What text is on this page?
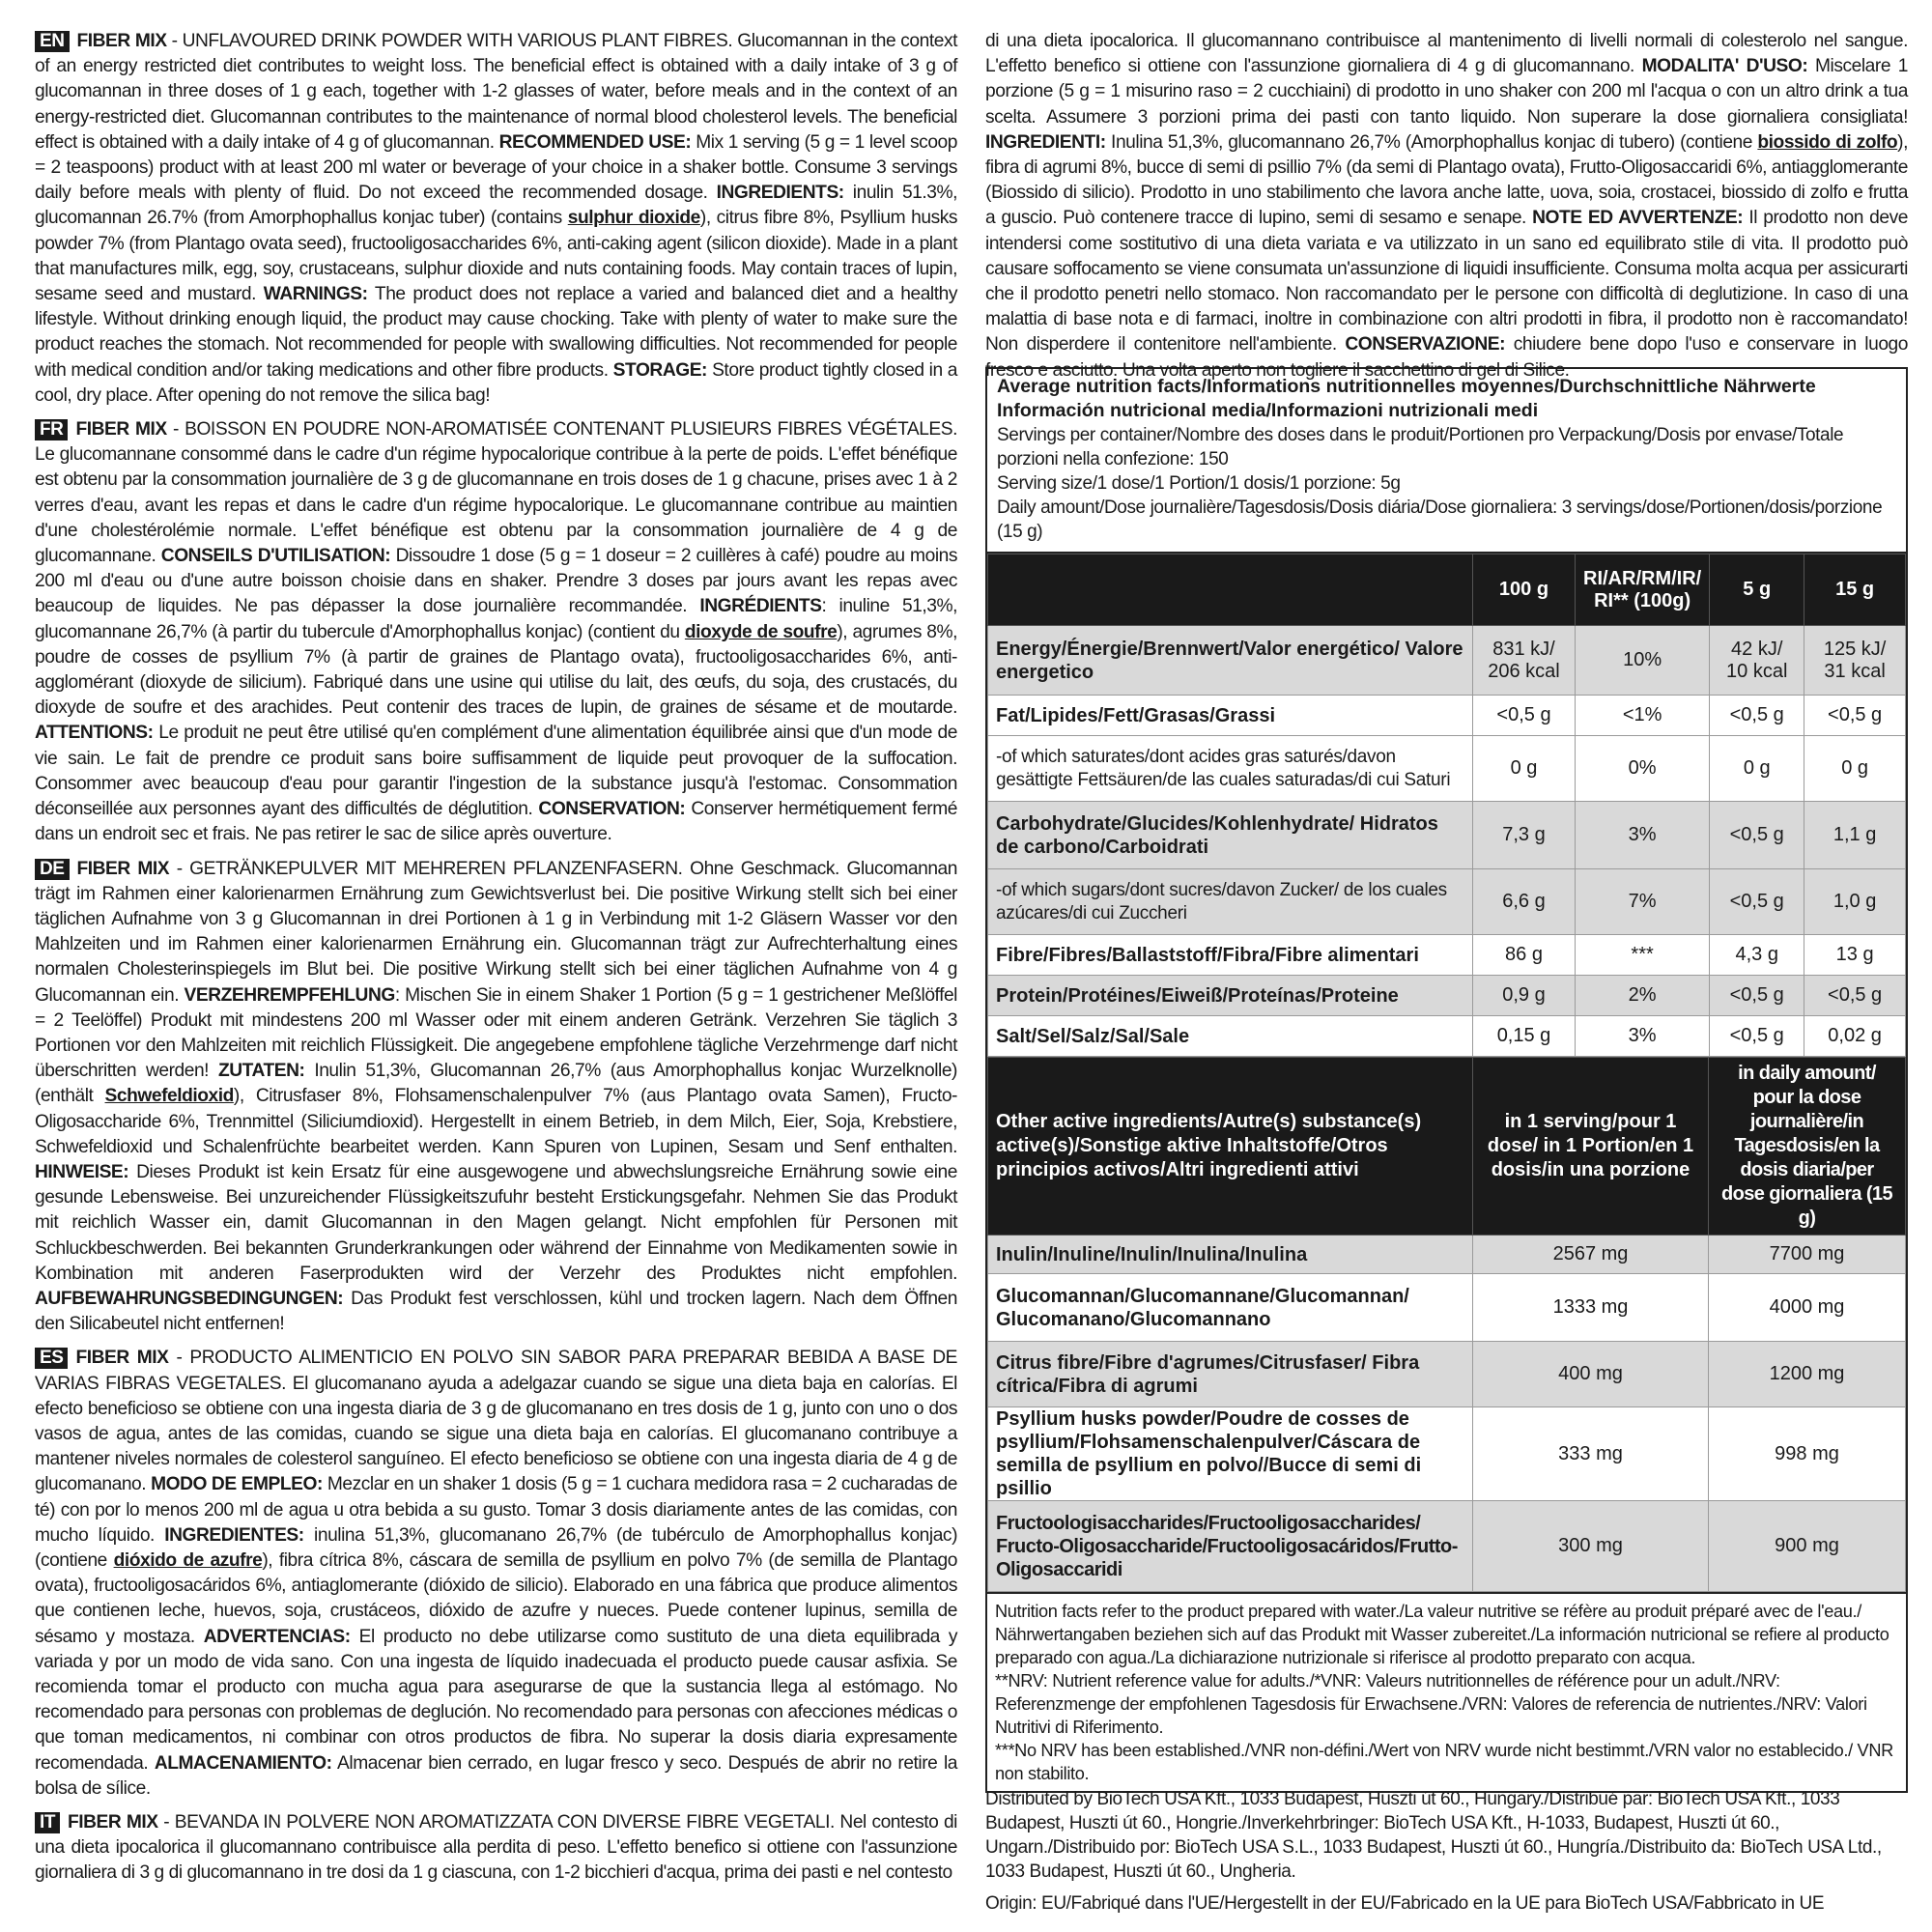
EN FIBER MIX - UNFLAVOURED DRINK POWDER WITH VARIOUS PLANT FIBRES. Glucomannan in the context of an energy restricted diet contributes to weight loss. The beneficial effect is obtained with a daily intake of 3 g of glucomannan in three doses of 1 g each, together with 1-2 glasses of water, before meals and in the context of an energy-restricted diet. Glucomannan contributes to the maintenance of normal blood cholesterol levels. The beneficial effect is obtained with a daily intake of 4 g of glucomannan. RECOMMENDED USE: Mix 1 serving (5 g = 1 level scoop = 2 teaspoons) product with at least 200 ml water or beverage of your choice in a shaker bottle. Consume 3 servings daily before meals with plenty of fluid. Do not exceed the recommended dosage. INGREDIENTS: inulin 51.3%, glucomannan 26.7% (from Amorphophallus konjac tuber) (contains sulphur dioxide), citrus fibre 8%, Psyllium husks powder 7% (from Plantago ovata seed), fructooligosaccharides 6%, anti-caking agent (silicon dioxide). Made in a plant that manufactures milk, egg, soy, crustaceans, sulphur dioxide and nuts containing foods. May contain traces of lupin, sesame seed and mustard. WARNINGS: The product does not replace a varied and balanced diet and a healthy lifestyle. Without drinking enough liquid, the product may cause chocking. Take with plenty of water to make sure the product reaches the stomach. Not recommended for people with swallowing difficulties. Not recommended for people with medical condition and/or taking medications and other fibre products. STORAGE: Store product tightly closed in a cool, dry place. After opening do not remove the silica bag!

FR FIBER MIX - BOISSON EN POUDRE NON-AROMATISÉE CONTENANT PLUSIEURS FIBRES VÉGÉTALES. Le glucomannane consommé dans le cadre d'un régime hypocalorique contribue à la perte de poids. L'effet bénéfique est obtenu par la consommation journalière de 3 g de glucomannane en trois doses de 1 g chacune, prises avec 1 à 2 verres d'eau, avant les repas et dans le cadre d'un régime hypocalorique. Le glucomannane contribue au maintien d'une cholestérolémie normale. L'effet bénéfique est obtenu par la consommation journalière de 4 g de glucomannane. CONSEILS D'UTILISATION: Dissoudre 1 dose (5 g = 1 doseur = 2 cuillères à café) poudre au moins 200 ml d'eau ou d'une autre boisson choisie dans en shaker. Prendre 3 doses par jours avant les repas avec beaucoup de liquides. Ne pas dépasser la dose journalière recommandée. INGRÉDIENTS: inuline 51,3%, glucomannane 26,7% (à partir du tubercule d'Amorphophallus konjac) (contient du dioxyde de soufre), agrumes 8%, poudre de cosses de psyllium 7% (à partir de graines de Plantago ovata), fructooligosaccharides 6%, anti-agglomérant (dioxyde de silicium). Fabriqué dans une usine qui utilise du lait, des œufs, du soja, des crustacés, du dioxyde de soufre et des arachides. Peut contenir des traces de lupin, de graines de sésame et de moutarde. ATTENTIONS: Le produit ne peut être utilisé qu'en complément d'une alimentation équilibrée ainsi que d'un mode de vie sain. Le fait de prendre ce produit sans boire suffisamment de liquide peut provoquer de la suffocation. Consommer avec beaucoup d'eau pour garantir l'ingestion de la substance jusqu'à l'estomac. Consommation déconseillée aux personnes ayant des difficultés de déglutition. CONSERVATION: Conserver hermétiquement fermé dans un endroit sec et frais. Ne pas retirer le sac de silice après ouverture.

DE FIBER MIX - GETRÄNKEPULVER MIT MEHREREN PFLANZENFASERN. Ohne Geschmack. Glucomannan trägt im Rahmen einer kalorienarmen Ernährung zum Gewichtsverlust bei. Die positive Wirkung stellt sich bei einer täglichen Aufnahme von 3 g Glucomannan in drei Portionen à 1 g in Verbindung mit 1-2 Gläsern Wasser vor den Mahlzeiten und im Rahmen einer kalorienarmen Ernährung ein. Glucomannan trägt zur Aufrechterhaltung eines normalen Cholesterinspiegels im Blut bei. Die positive Wirkung stellt sich bei einer täglichen Aufnahme von 4 g Glucomannan ein. VERZEHREMPFEHLUNG: Mischen Sie in einem Shaker 1 Portion (5 g = 1 gestrichener Meßlöffel = 2 Teelöffel) Produkt mit mindestens 200 ml Wasser oder mit einem anderen Getränk. Verzehren Sie täglich 3 Portionen vor den Mahlzeiten mit reichlich Flüssigkeit. Die angegebene empfohlene tägliche Verzehrmenge darf nicht überschritten werden! ZUTATEN: Inulin 51,3%, Glucomannan 26,7% (aus Amorphophallus konjac Wurzelknolle) (enthält Schwefeldioxid), Citrusfaser 8%, Flohsamenschalenpulver 7% (aus Plantago ovata Samen), Fructo-Oligosaccharide 6%, Trennmittel (Siliciumdioxid). Hergestellt in einem Betrieb, in dem Milch, Eier, Soja, Krebstiere, Schwefeldioxid und Schalenfrüchte bearbeitet werden. Kann Spuren von Lupinen, Sesam und Senf enthalten. HINWEISE: Dieses Produkt ist kein Ersatz für eine ausgewogene und abwechslungsreiche Ernährung sowie eine gesunde Lebensweise. Bei unzureichender Flüssigkeitszufuhr besteht Erstickungsgefahr. Nehmen Sie das Produkt mit reichlich Wasser ein, damit Glucomannan in den Magen gelangt. Nicht empfohlen für Personen mit Schluckbeschwerden. Bei bekannten Grunderkrankungen oder während der Einnahme von Medikamenten sowie in Kombination mit anderen Faserprodukten wird der Verzehr des Produktes nicht empfohlen. AUFBEWAHRUNGSBEDINGUNGEN: Das Produkt fest verschlossen, kühl und trocken lagern. Nach dem Öffnen den Silicabeutel nicht entfernen!

ES FIBER MIX - PRODUCTO ALIMENTICIO EN POLVO SIN SABOR PARA PREPARAR BEBIDA A BASE DE VARIAS FIBRAS VEGETALES. El glucomanano ayuda a adelgazar cuando se sigue una dieta baja en calorías. El efecto beneficioso se obtiene con una ingesta diaria de 3 g de glucomanano en tres dosis de 1 g, junto con uno o dos vasos de agua, antes de las comidas, cuando se sigue una dieta baja en calorías. El glucomanano contribuye a mantener niveles normales de colesterol sanguíneo. El efecto beneficioso se obtiene con una ingesta diaria de 4 g de glucomanano. MODO DE EMPLEO: Mezclar en un shaker 1 dosis (5 g = 1 cuchara medidora rasa = 2 cucharadas de té) con por lo menos 200 ml de agua u otra bebida a su gusto. Tomar 3 dosis diariamente antes de las comidas, con mucho líquido. INGREDIENTES: inulina 51,3%, glucomanano 26,7% (de tubérculo de Amorphophallus konjac) (contiene dióxido de azufre), fibra cítrica 8%, cáscara de semilla de psyllium en polvo 7% (de semilla de Plantago ovata), fructooligosacáridos 6%, antiaglomerante (dióxido de silicio). Elaborado en una fábrica que produce alimentos que contienen leche, huevos, soja, crustáceos, dióxido de azufre y nueces. Puede contener lupinus, semilla de sésamo y mostaza. ADVERTENCIAS: El producto no debe utilizarse como sustituto de una dieta equilibrada y variada y por un modo de vida sano. Con una ingesta de líquido inadecuada el producto puede causar asfixia. Se recomienda tomar el producto con mucha agua para asegurarse de que la sustancia llega al estómago. No recomendado para personas con problemas de deglución. No recomendado para personas con afecciones médicas o que toman medicamentos, ni combinar con otros productos de fibra. No superar la dosis diaria expresamente recomendada. ALMACENAMIENTO: Almacenar bien cerrado, en lugar fresco y seco. Después de abrir no retire la bolsa de sílice.

IT FIBER MIX - BEVANDA IN POLVERE NON AROMATIZZATA CON DIVERSE FIBRE VEGETALI. Nel contesto di una dieta ipocalorica il glucomannano contribuisce alla perdita di peso. L'effetto benefico si ottiene con l'assunzione giornaliera di 3 g di glucomannano in tre dosi da 1 g ciascuna, con 1-2 bicchieri d'acqua, prima dei pasti e nel contesto

Average nutrition facts/Informations nutritionnelles moyennes/Durchschnittliche Nährwerte
Información nutricional media/Informazioni nutrizionali medi
Servings per container/Nombre des doses dans le produit/Portionen pro Verpackung/Dosis por envase/Totale porzioni nella confezione: 150
Serving size/1 dose/1 Portion/1 dosis/1 porzione: 5g
Daily amount/Dose journalière/Tagesdosis/Dosis diária/Dose giornaliera: 3 servings/dose/Portionen/dosis/porzione (15 g)
	100 g	RI/AR/RM/IR/ RI** (100g)	5 g	15 g
Energy/Énergie/Brennwert/Valor energético/ Valore energetico	831 kJ/ 206 kcal	10%	42 kJ/ 10 kcal	125 kJ/ 31 kcal
Fat/Lipides/Fett/Grasas/Grassi	<0,5 g	<1%	<0,5 g	<0,5 g
-of which saturates/dont acides gras saturés/davon gesättigte Fettsäuren/de las cuales saturadas/di cui Saturi	0 g	0%	0 g	0 g
Carbohydrate/Glucides/Kohlenhydrate/ Hidratos de carbono/Carboidrati	7,3 g	3%	<0,5 g	1,1 g
-of which sugars/dont sucres/davon Zucker/ de los cuales azúcares/di cui Zuccheri	6,6 g	7%	<0,5 g	1,0 g
Fibre/Fibres/Ballaststoff/Fibra/Fibre alimentari	86 g	***	4,3 g	13 g
Protein/Protéines/Eiweiß/Proteínas/Proteine	0,9 g	2%	<0,5 g	<0,5 g
Salt/Sel/Salz/Sal/Sale	0,15 g	3%	<0,5 g	0,02 g
Other active ingredients/Autre(s) substance(s) active(s)/Sonstige aktive Inhaltstoffe/Otros principios activos/Altri ingredienti attivi	in 1 serving/pour 1 dose/ in 1 Portion/en 1 dosis/in una porzione	in daily amount/ pour la dose journalière/in Tagesdosis/en la dosis diaria/per dose giornaliera (15 g)
Inulin/Inuline/Inulin/Inulina/Inulina	2567 mg	7700 mg
Glucomannan/Glucomannane/Glucomannan/ Glucomanano/Glucomannano	1333 mg	4000 mg
Citrus fibre/Fibre d'agrumes/Citrusfaser/ Fibra cítrica/Fibra di agrumi	400 mg	1200 mg
Psyllium husks powder/Poudre de cosses de psyllium/Flohsamenschalenpulver/Cáscara de semilla de psyllium en polvo//Bucce di semi di psillio	333 mg	998 mg
Fructoologisaccharides/Fructooligosaccharides/ Fructo-Oligosaccharide/Fructooligosacáridos/Frutto-Oligosaccaridi	300 mg	900 mg
Nutrition facts refer to the product prepared with water./La valeur nutritive se réfère au produit préparé avec de l'eau./ Nährwertangaben beziehen sich auf das Produkt mit Wasser zubereitet./La información nutricional se refiere al producto preparado con agua./La dichiarazione nutrizionale si riferisce al prodotto preparato con acqua.
**NRV: Nutrient reference value for adults./*VNR: Valeurs nutritionnelles de référence pour un adult./NRV: Referenzmenge der empfohlenen Tagesdosis für Erwachsene./VRN: Valores de referencia de nutrientes./NRV: Valori Nutritivi di Riferimento.
***No NRV has been established./VNR non-défini./Wert von NRV wurde nicht bestimmt./VRN valor no establecido./ VNR non stabilito.

Distributed by BioTech USA Kft., 1033 Budapest, Huszti út 60., Hungary./Distribué par: BioTech USA Kft., 1033 Budapest, Huszti út 60., Hongrie./Inverkehrbringer: BioTech USA Kft., H-1033, Budapest, Huszti út 60., Ungarn./Distribuido por: BioTech USA S.L., 1033 Budapest, Huszti út 60., Hungría./Distribuito da: BioTech USA Ltd., 1033 Budapest, Huszti út 60., Ungheria.

Origin: EU/Fabriqué dans l'UE/Hergestellt in der EU/Fabricado en la UE para BioTech USA/Fabbricato in UE

di una dieta ipocalorica. Il glucomannano contribuisce al mantenimento di livelli normali di colesterolo nel sangue. L'effetto benefico si ottiene con l'assunzione giornaliera di 4 g di glucomannano. MODALITA' D'USO: Miscelare 1 porzione (5 g = 1 misurino raso = 2 cucchiaini) di prodotto in uno shaker con 200 ml l'acqua o con un altro drink a tua scelta. Assumere 3 porzioni prima dei pasti con tanto liquido. Non superare la dose giornaliera consigliata! INGREDIENTI: Inulina 51,3%, glucomannano 26,7% (Amorphophallus konjac di tubero) (contiene biossido di zolfo), fibra di agrumi 8%, bucce di semi di psillio 7% (da semi di Plantago ovata), Frutto-Oligosaccaridi 6%, antiagglomerante (Biossido di silicio). Prodotto in uno stabilimento che lavora anche latte, uova, soia, crostacei, biossido di zolfo e frutta a guscio. Può contenere tracce di lupino, semi di sesamo e senape. NOTE ED AVVERTENZE: Il prodotto non deve intendersi come sostitutivo di una dieta variata e va utilizzato in un sano ed equilibrato stile di vita. Il prodotto può causare soffocamento se viene consumata un'assunzione di liquidi insufficiente. Consuma molta acqua per assicurarti che il prodotto penetri nello stomaco. Non raccomandato per le persone con difficoltà di deglutizione. In caso di una malattia di base nota e di farmaci, inoltre in combinazione con altri prodotti in fibra, il prodotto non è raccomandato! Non disperdere il contenitore nell'ambiente. CONSERVAZIONE: chiudere bene dopo l'uso e conservare in luogo fresco e asciutto. Una volta aperto non togliere il sacchettino di gel di Silice.
